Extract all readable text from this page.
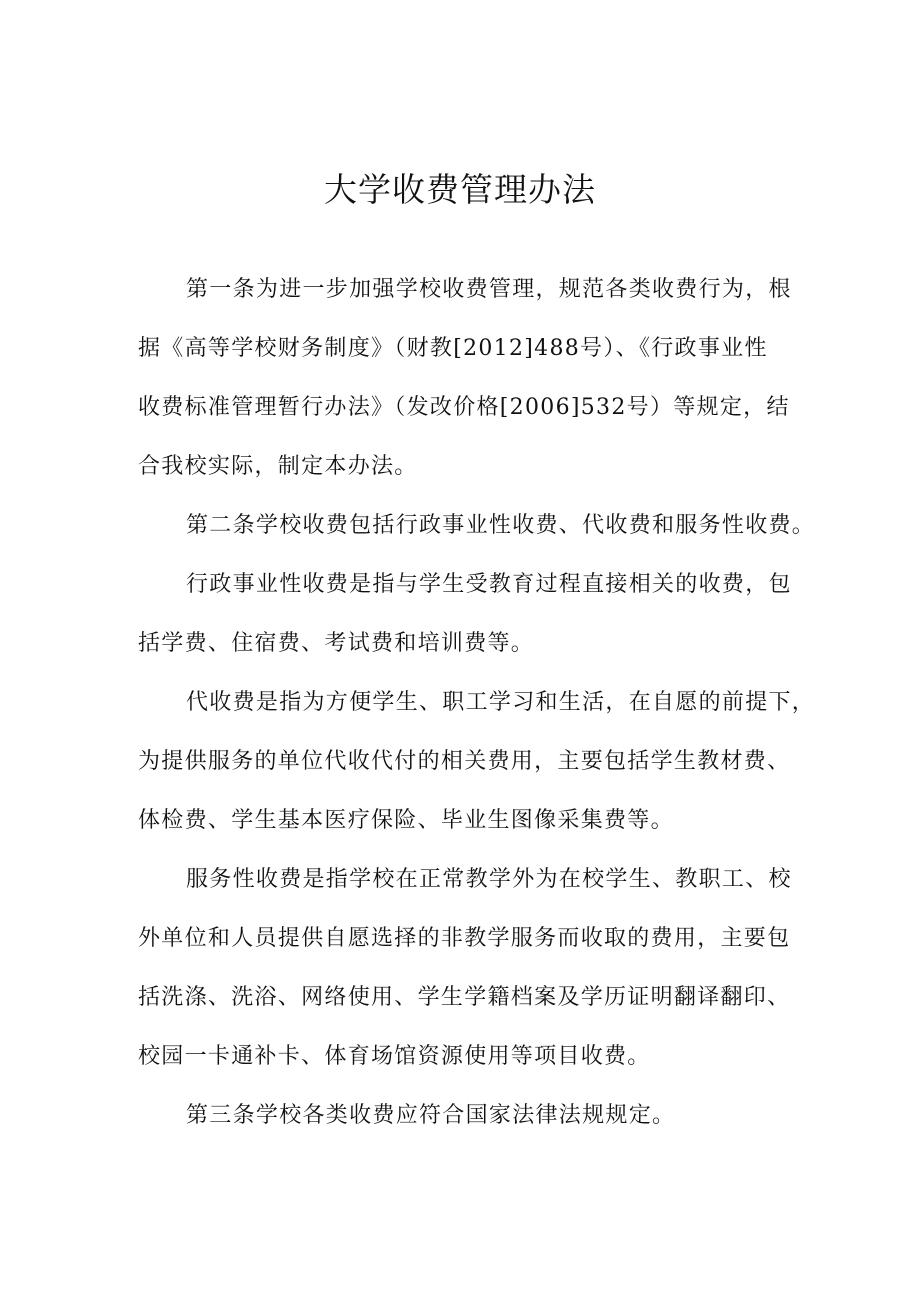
大学收费管理办法

第一条为进一步加强学校收费管理，规范各类收费行为，根
据《高等学校财务制度》（财教[2012]488号）、《行政事业性
收费标准管理暂行办法》（发改价格[2006]532号）等规定，结
合我校实际，制定本办法。

第二条学校收费包括行政事业性收费、代收费和服务性收费。

行政事业性收费是指与学生受教育过程直接相关的收费，包
括学费、住宿费、考试费和培训费等。

代收费是指为方便学生、职工学习和生活，在自愿的前提下，
为提供服务的单位代收代付的相关费用，主要包括学生教材费、
体检费、学生基本医疗保险、毕业生图像采集费等。

服务性收费是指学校在正常教学外为在校学生、教职工、校
外单位和人员提供自愿选择的非教学服务而收取的费用，主要包
括洗涤、洗浴、网络使用、学生学籍档案及学历证明翻译翻印、
校园一卡通补卡、体育场馆资源使用等项目收费。

第三条学校各类收费应符合国家法律法规规定。
